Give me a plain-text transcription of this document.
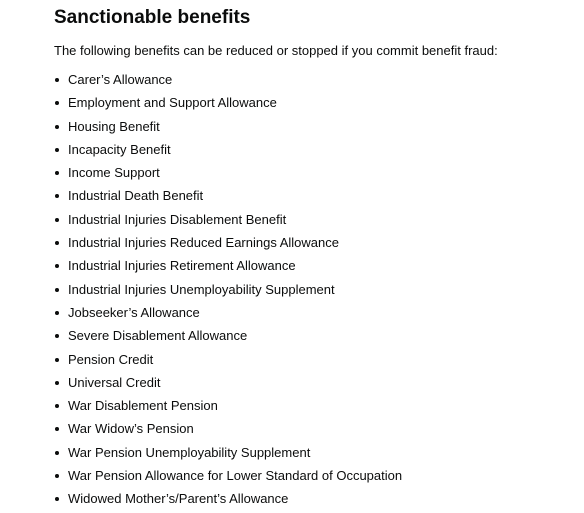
Sanctionable benefits

The following benefits can be reduced or stopped if you commit benefit fraud:

Carer’s Allowance
Employment and Support Allowance
Housing Benefit
Incapacity Benefit
Income Support
Industrial Death Benefit
Industrial Injuries Disablement Benefit
Industrial Injuries Reduced Earnings Allowance
Industrial Injuries Retirement Allowance
Industrial Injuries Unemployability Supplement
Jobseeker’s Allowance
Severe Disablement Allowance
Pension Credit
Universal Credit
War Disablement Pension
War Widow’s Pension
War Pension Unemployability Supplement
War Pension Allowance for Lower Standard of Occupation
Widowed Mother’s/Parent’s Allowance
